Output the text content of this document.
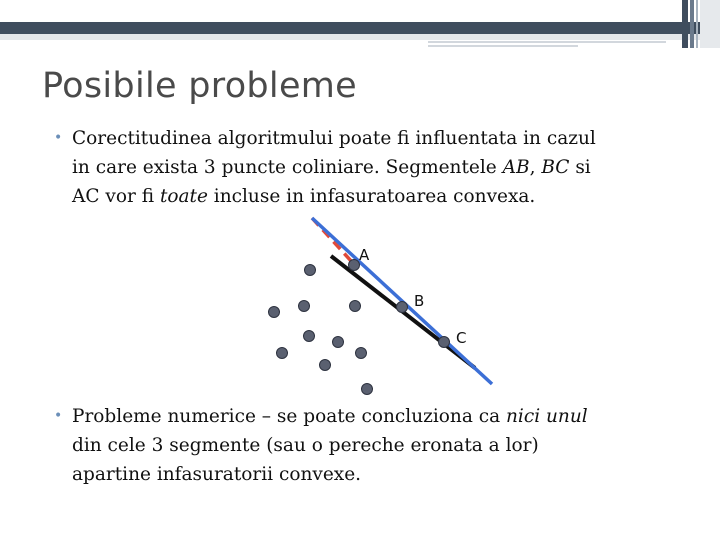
Posibile probleme
• Corectitudinea algoritmului poate fi influentata in cazul
in care exista 3 puncte coliniare. Segmentele AB, BC si
AC vor fi toate incluse in infasuratoarea convexa.
A
B
C
• Probleme numerice – se poate concluziona ca nici unul
din cele 3 segmente (sau o pereche eronata a lor)
apartine infasuratorii convexe.
